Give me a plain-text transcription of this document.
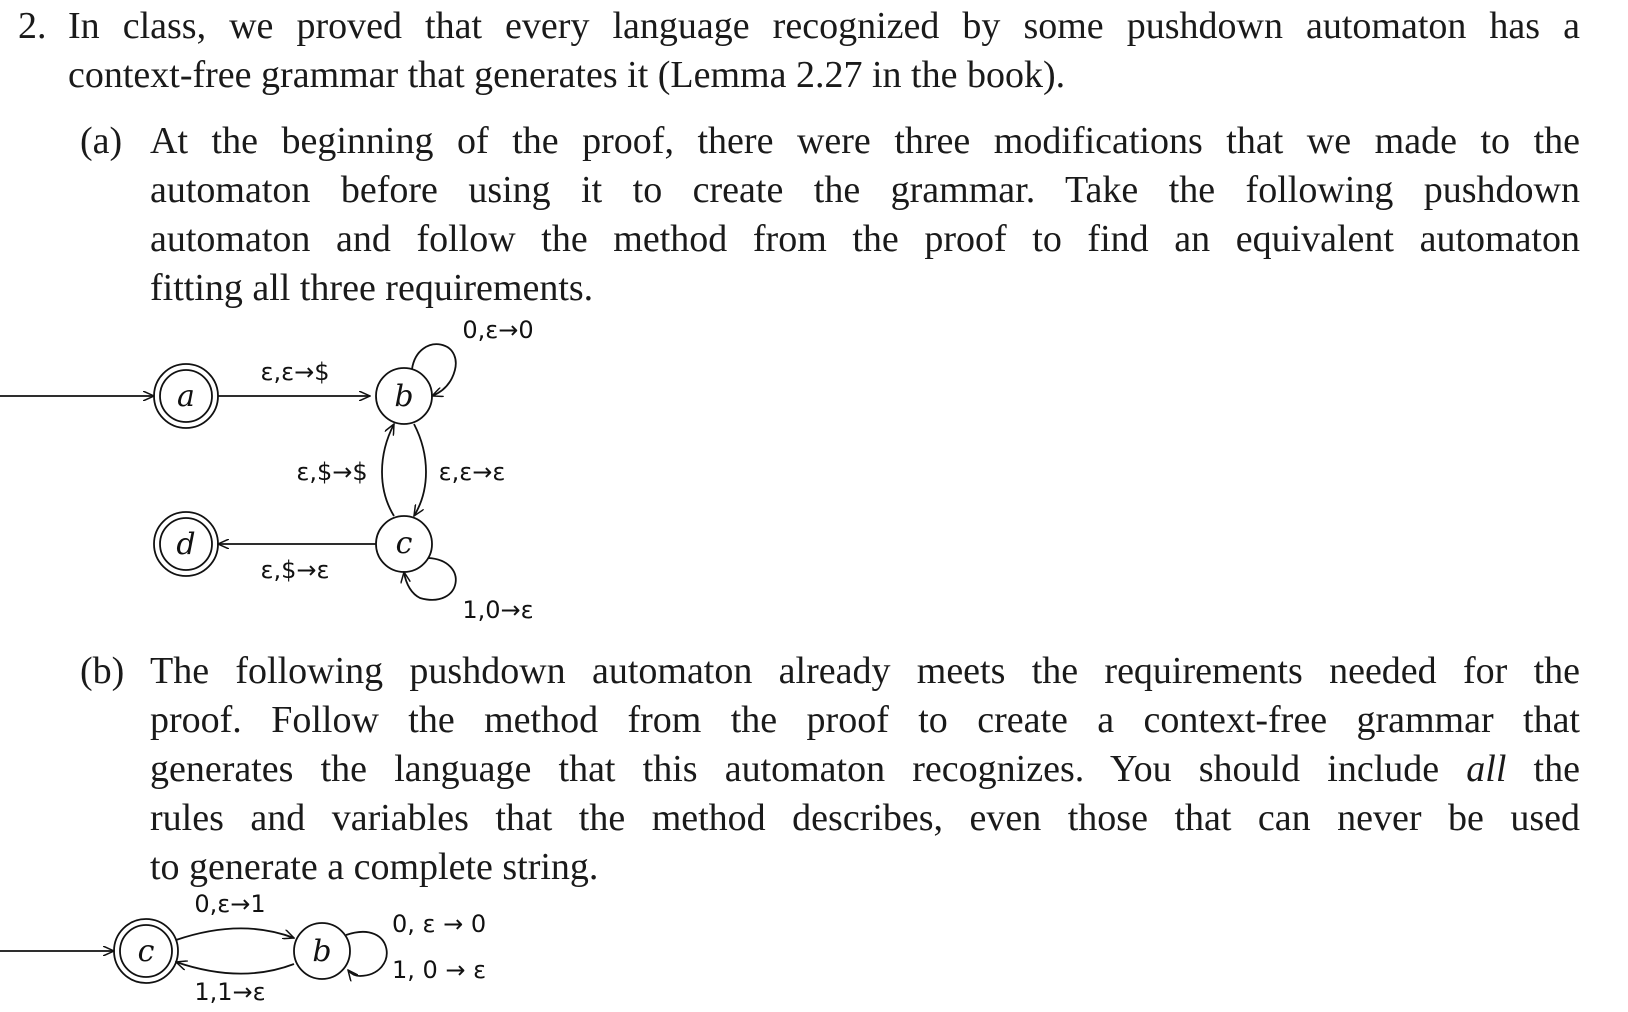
2. In class, we proved that every language recognized by some pushdown automaton has a
context-free grammar that generates it (Lemma 2.27 in the book).
(a) At the beginning of the proof, there were three modifications that we made to the
automaton before using it to create the grammar. Take the following pushdown
automaton and follow the method from the proof to find an equivalent automaton
fitting all three requirements.
a
ε,ε→$
b
0,ε→0
ε,$→$	ε,ε→ε
c
1,0→ε
ε,$→ε
d
(b) The following pushdown automaton already meets the requirements needed for the
proof. Follow the method from the proof to create a context-free grammar that
generates the language that this automaton recognizes. You should include all the
rules and variables that the method describes, even those that can never be used
to generate a complete string.
c
0,ε→1
1,1→ε
b
0, ε → 0
1, 0 → ε
